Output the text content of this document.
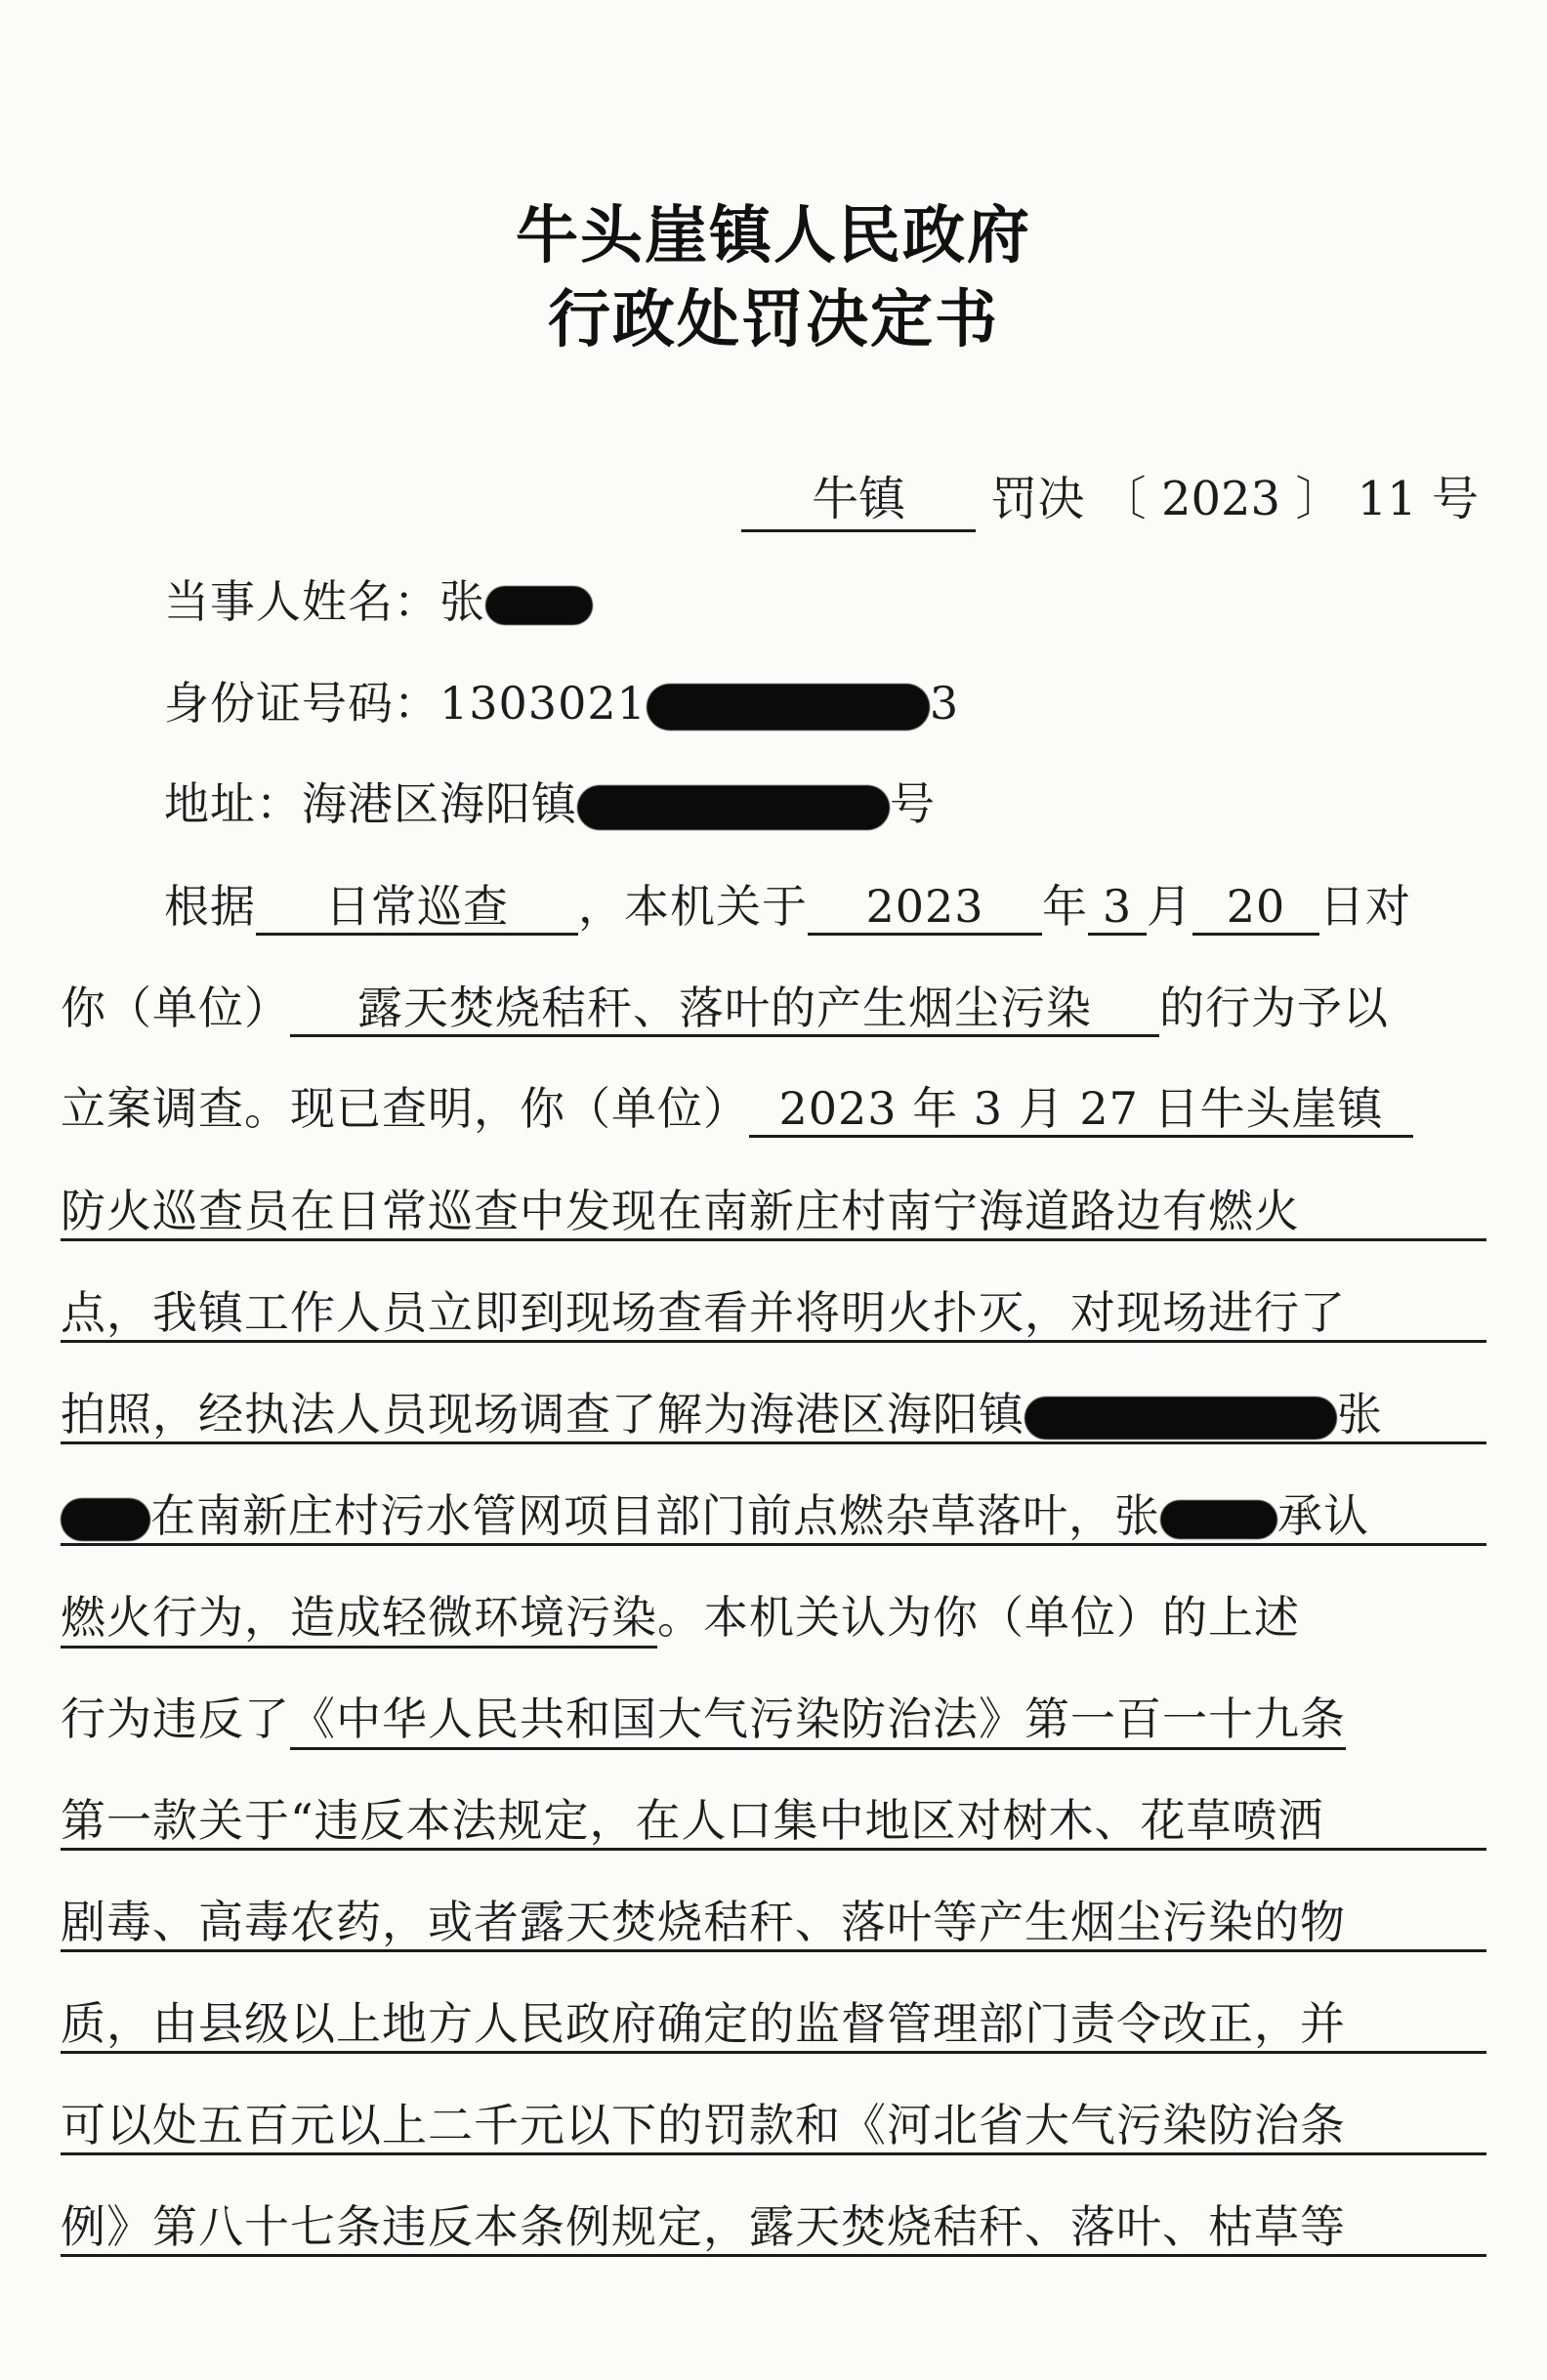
牛头崖镇人民政府
行政处罚决定书
牛镇 罚决 〔 2023 〕 11 号
当事人姓名：张
身份证号码：1303021	3
地址：海港区海阳镇	号
根据 日常巡查 ，本机关于 2023 年 3 月 20 日对
你（单位） 露天焚烧秸秆、落叶的产生烟尘污染 的行为予以
立案调查。现已查明，你（单位） 2023 年 3 月 27 日牛头崖镇
防火巡查员在日常巡查中发现在南新庄村南宁海道路边有燃火
点，我镇工作人员立即到现场查看并将明火扑灭，对现场进行了
拍照，经执法人员现场调查了解为海港区海阳镇	张
在南新庄村污水管网项目部门前点燃杂草落叶，张	承认
燃火行为，造成轻微环境污染。本机关认为你（单位）的上述
行为违反了《中华人民共和国大气污染防治法》第一百一十九条
第一款关于“违反本法规定，在人口集中地区对树木、花草喷洒
剧毒、高毒农药，或者露天焚烧秸秆、落叶等产生烟尘污染的物
质，由县级以上地方人民政府确定的监督管理部门责令改正，并
可以处五百元以上二千元以下的罚款和《河北省大气污染防治条
例》第八十七条违反本条例规定，露天焚烧秸秆、落叶、枯草等
